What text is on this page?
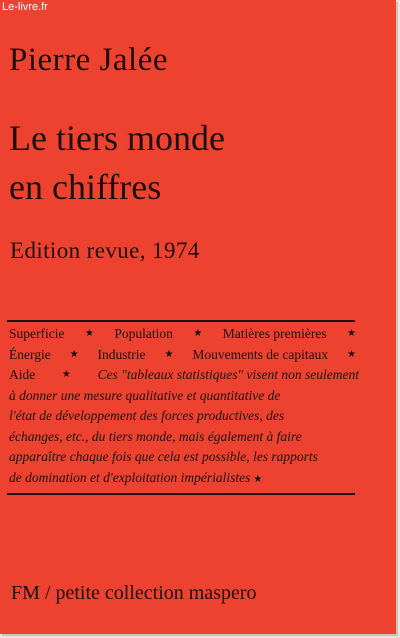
Le-livre.fr
Pierre Jalée
Le tiers monde
en chiffres
Edition revue, 1974
Superficie	★ Population	★ Matières premières	★
Énergie	★ Industrie	★ Mouvements de capitaux	★
Aide	★ Ces "tableaux statistiques" visent non seulement
à donner une mesure qualitative et quantitative de
l'état de développement des forces productives, des
échanges, etc., du tiers monde, mais également à faire
apparaître chaque fois que cela est possible, les rapports
de domination et d'exploitation impérialistes ★
FM / petite collection maspero
